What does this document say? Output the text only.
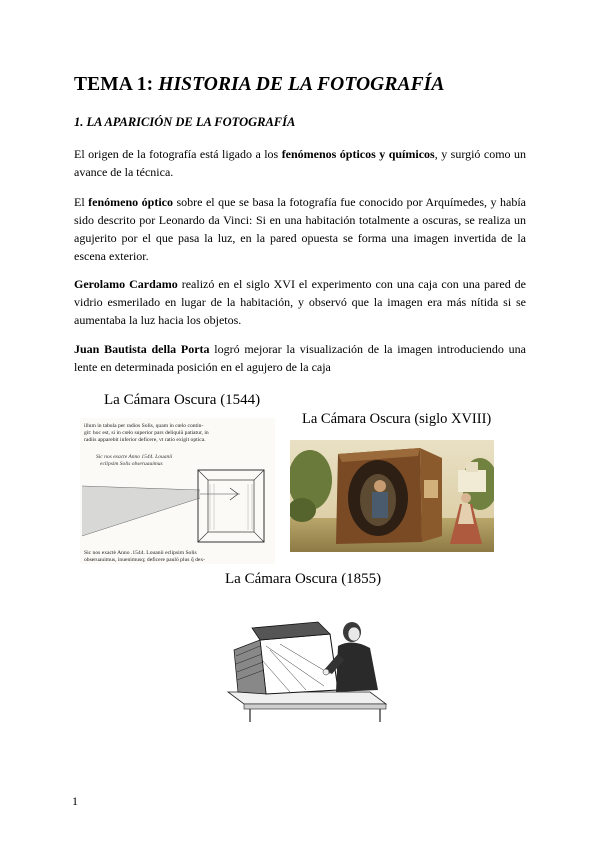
TEMA 1: HISTORIA DE LA FOTOGRAFÍA
1. LA APARICIÓN DE LA FOTOGRAFÍA

El origen de la fotografía está ligado a los fenómenos ópticos y químicos, y surgió como un avance de la técnica.

El fenómeno óptico sobre el que se basa la fotografía fue conocido por Arquímedes, y había sido descrito por Leonardo da Vinci: Si en una habitación totalmente a oscuras, se realiza un agujerito por el que pasa la luz, en la pared opuesta se forma una imagen invertida de la escena exterior.

Gerolamo Cardamo realizó en el siglo XVI el experimento con una caja con una pared de vidrio esmerilado en lugar de la habitación, y observó que la imagen era más nítida si se aumentaba la luz hacia los objetos.

Juan Bautista della Porta logró mejorar la visualización de la imagen introduciendo una lente en determinada posición en el agujero de la caja

La Cámara Oscura (1544)
illum in tabula per radios Solis, quam in cœlo contin-
git: hoc est, si in cœlo superior pars deliquiū patiatur, in
radiis apparebit inferior deficere, vt ratio exigit optica.
Sic nos exacte Anno 1544. Louanii
eclipsim Solis obseruauimus
Sic nos exactè Anno .1544. Louanii eclipsim Solis
obseruauimus, inuenimusq; deficere paulò plus q̃ dex-
La Cámara Oscura (siglo XVIII)
La Cámara Oscura (1855)
1
